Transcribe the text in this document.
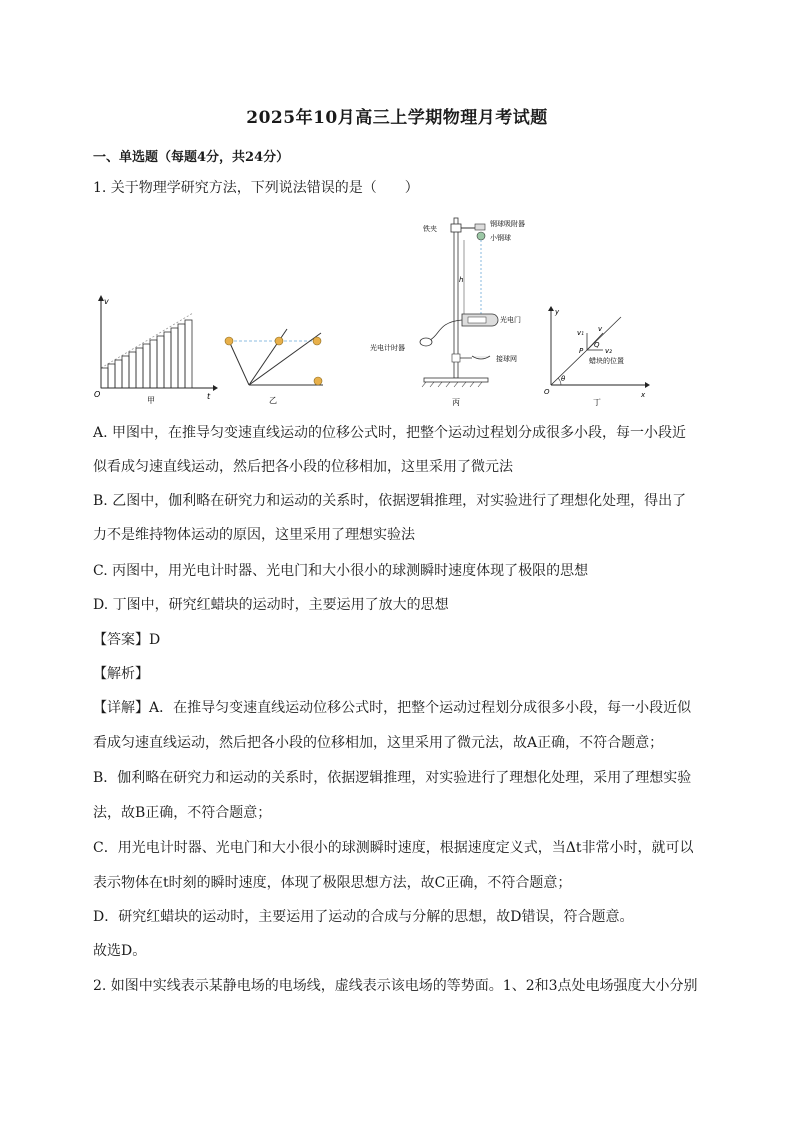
2025年10月高三上学期物理月考试题
一、单选题（每题4分，共24分）
1. 关于物理学研究方法，下列说法错误的是（　　）
v
t
O
甲	乙
铁夹
钢球吸附器
小钢球
h
光电门
光电计时器
接球网
丙
θ
P
Q
v₁ v
v₂
蜡块的位置
y
x
O
丁
A. 甲图中，在推导匀变速直线运动的位移公式时，把整个运动过程划分成很多小段，每一小段近
似看成匀速直线运动，然后把各小段的位移相加，这里采用了微元法
B. 乙图中，伽利略在研究力和运动的关系时，依据逻辑推理，对实验进行了理想化处理，得出了
力不是维持物体运动的原因，这里采用了理想实验法
C. 丙图中，用光电计时器、光电门和大小很小的球测瞬时速度体现了极限的思想
D. 丁图中，研究红蜡块的运动时，主要运用了放大的思想
【答案】D
【解析】
【详解】A．在推导匀变速直线运动位移公式时，把整个运动过程划分成很多小段，每一小段近似
看成匀速直线运动，然后把各小段的位移相加，这里采用了微元法，故A正确，不符合题意；
B．伽利略在研究力和运动的关系时，依据逻辑推理，对实验进行了理想化处理，采用了理想实验
法，故B正确，不符合题意；
C．用光电计时器、光电门和大小很小的球测瞬时速度，根据速度定义式，当Δt非常小时，就可以
表示物体在t时刻的瞬时速度，体现了极限思想方法，故C正确，不符合题意；
D．研究红蜡块的运动时，主要运用了运动的合成与分解的思想，故D错误，符合题意。
故选D。
2. 如图中实线表示某静电场的电场线，虚线表示该电场的等势面。1、2和3点处电场强度大小分别
